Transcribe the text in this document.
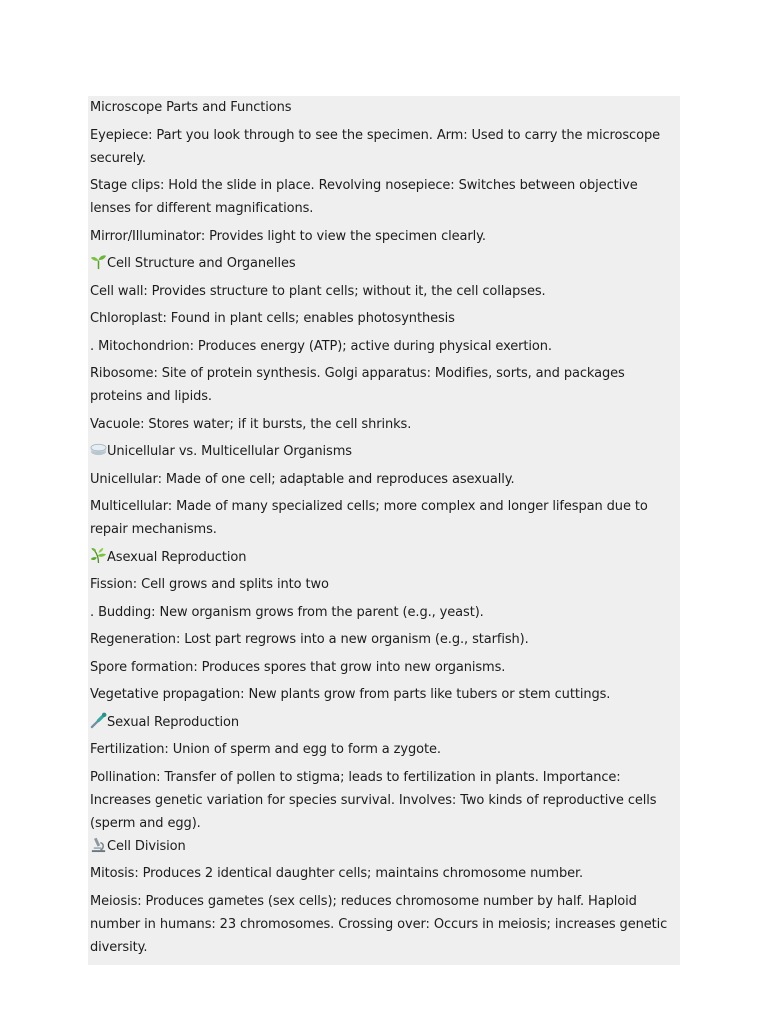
Microscope Parts and Functions
Eyepiece: Part you look through to see the specimen. Arm: Used to carry the microscope securely.
Stage clips: Hold the slide in place. Revolving nosepiece: Switches between objective lenses for different magnifications.
Mirror/Illuminator: Provides light to view the specimen clearly.
Cell Structure and Organelles
Cell wall: Provides structure to plant cells; without it, the cell collapses.
Chloroplast: Found in plant cells; enables photosynthesis
. Mitochondrion: Produces energy (ATP); active during physical exertion.
Ribosome: Site of protein synthesis. Golgi apparatus: Modifies, sorts, and packages proteins and lipids.
Vacuole: Stores water; if it bursts, the cell shrinks.
Unicellular vs. Multicellular Organisms
Unicellular: Made of one cell; adaptable and reproduces asexually.
Multicellular: Made of many specialized cells; more complex and longer lifespan due to repair mechanisms.
Asexual Reproduction
Fission: Cell grows and splits into two
. Budding: New organism grows from the parent (e.g., yeast).
Regeneration: Lost part regrows into a new organism (e.g., starfish).
Spore formation: Produces spores that grow into new organisms.
Vegetative propagation: New plants grow from parts like tubers or stem cuttings.
Sexual Reproduction
Fertilization: Union of sperm and egg to form a zygote.
Pollination: Transfer of pollen to stigma; leads to fertilization in plants. Importance: Increases genetic variation for species survival. Involves: Two kinds of reproductive cells (sperm and egg).
Cell Division
Mitosis: Produces 2 identical daughter cells; maintains chromosome number.
Meiosis: Produces gametes (sex cells); reduces chromosome number by half. Haploid number in humans: 23 chromosomes. Crossing over: Occurs in meiosis; increases genetic diversity.
